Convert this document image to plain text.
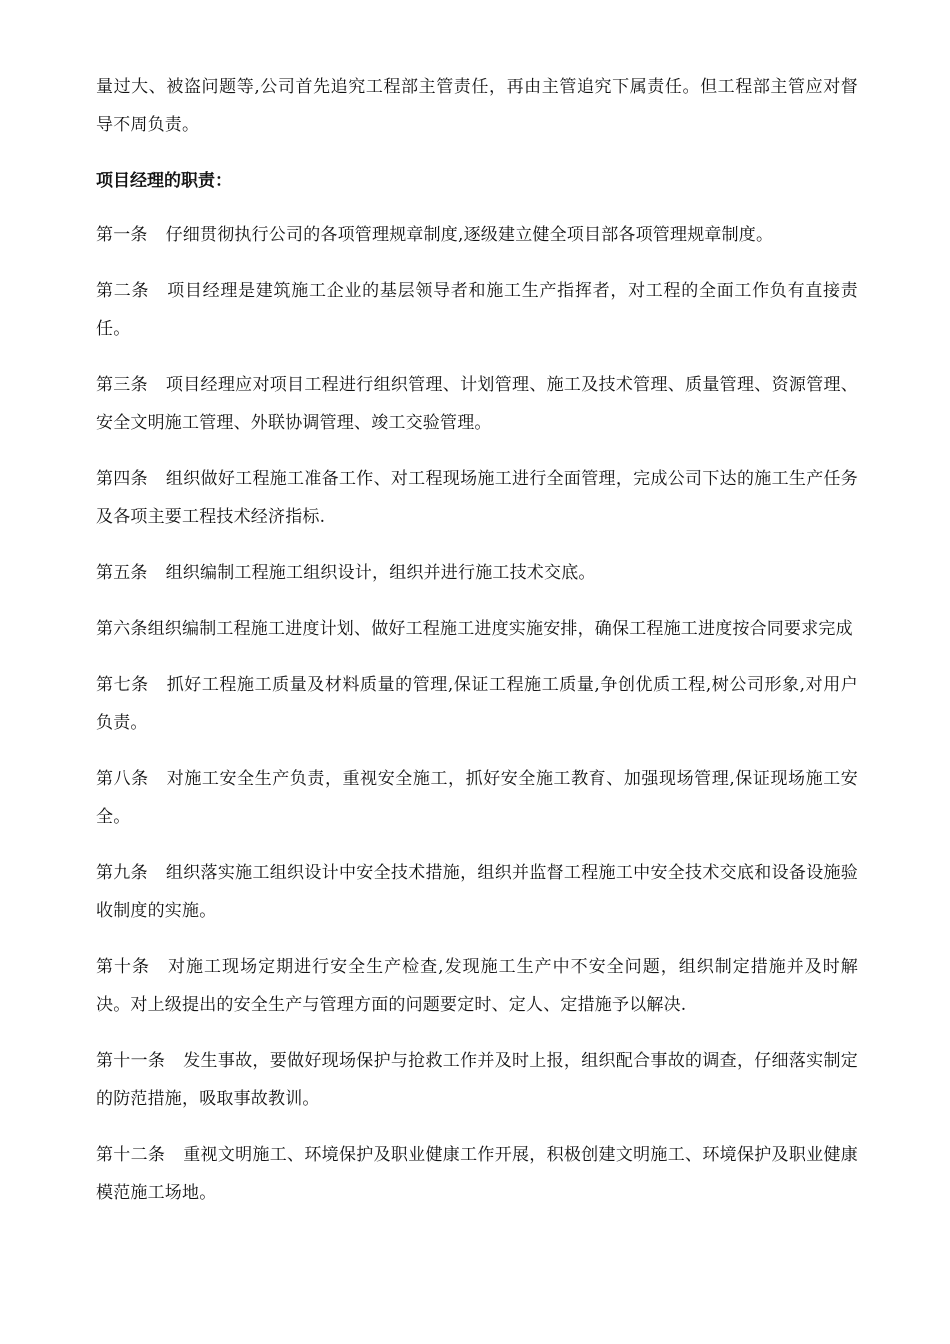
量过大、被盗问题等,公司首先追究工程部主管责任，再由主管追究下属责任。但工程部主管应对督导不周负责。

项目经理的职责：

第一条 仔细贯彻执行公司的各项管理规章制度,逐级建立健全项目部各项管理规章制度。

第二条 项目经理是建筑施工企业的基层领导者和施工生产指挥者，对工程的全面工作负有直接责任。

第三条 项目经理应对项目工程进行组织管理、计划管理、施工及技术管理、质量管理、资源管理、安全文明施工管理、外联协调管理、竣工交验管理。

第四条 组织做好工程施工准备工作、对工程现场施工进行全面管理，完成公司下达的施工生产任务及各项主要工程技术经济指标.

第五条 组织编制工程施工组织设计，组织并进行施工技术交底。

第六条组织编制工程施工进度计划、做好工程施工进度实施安排，确保工程施工进度按合同要求完成

第七条 抓好工程施工质量及材料质量的管理,保证工程施工质量,争创优质工程,树公司形象,对用户负责。

第八条 对施工安全生产负责，重视安全施工，抓好安全施工教育、加强现场管理,保证现场施工安全。

第九条 组织落实施工组织设计中安全技术措施，组织并监督工程施工中安全技术交底和设备设施验收制度的实施。

第十条 对施工现场定期进行安全生产检查,发现施工生产中不安全问题，组织制定措施并及时解决。对上级提出的安全生产与管理方面的问题要定时、定人、定措施予以解决.

第十一条 发生事故，要做好现场保护与抢救工作并及时上报，组织配合事故的调查，仔细落实制定的防范措施，吸取事故教训。

第十二条 重视文明施工、环境保护及职业健康工作开展，积极创建文明施工、环境保护及职业健康模范施工场地。
